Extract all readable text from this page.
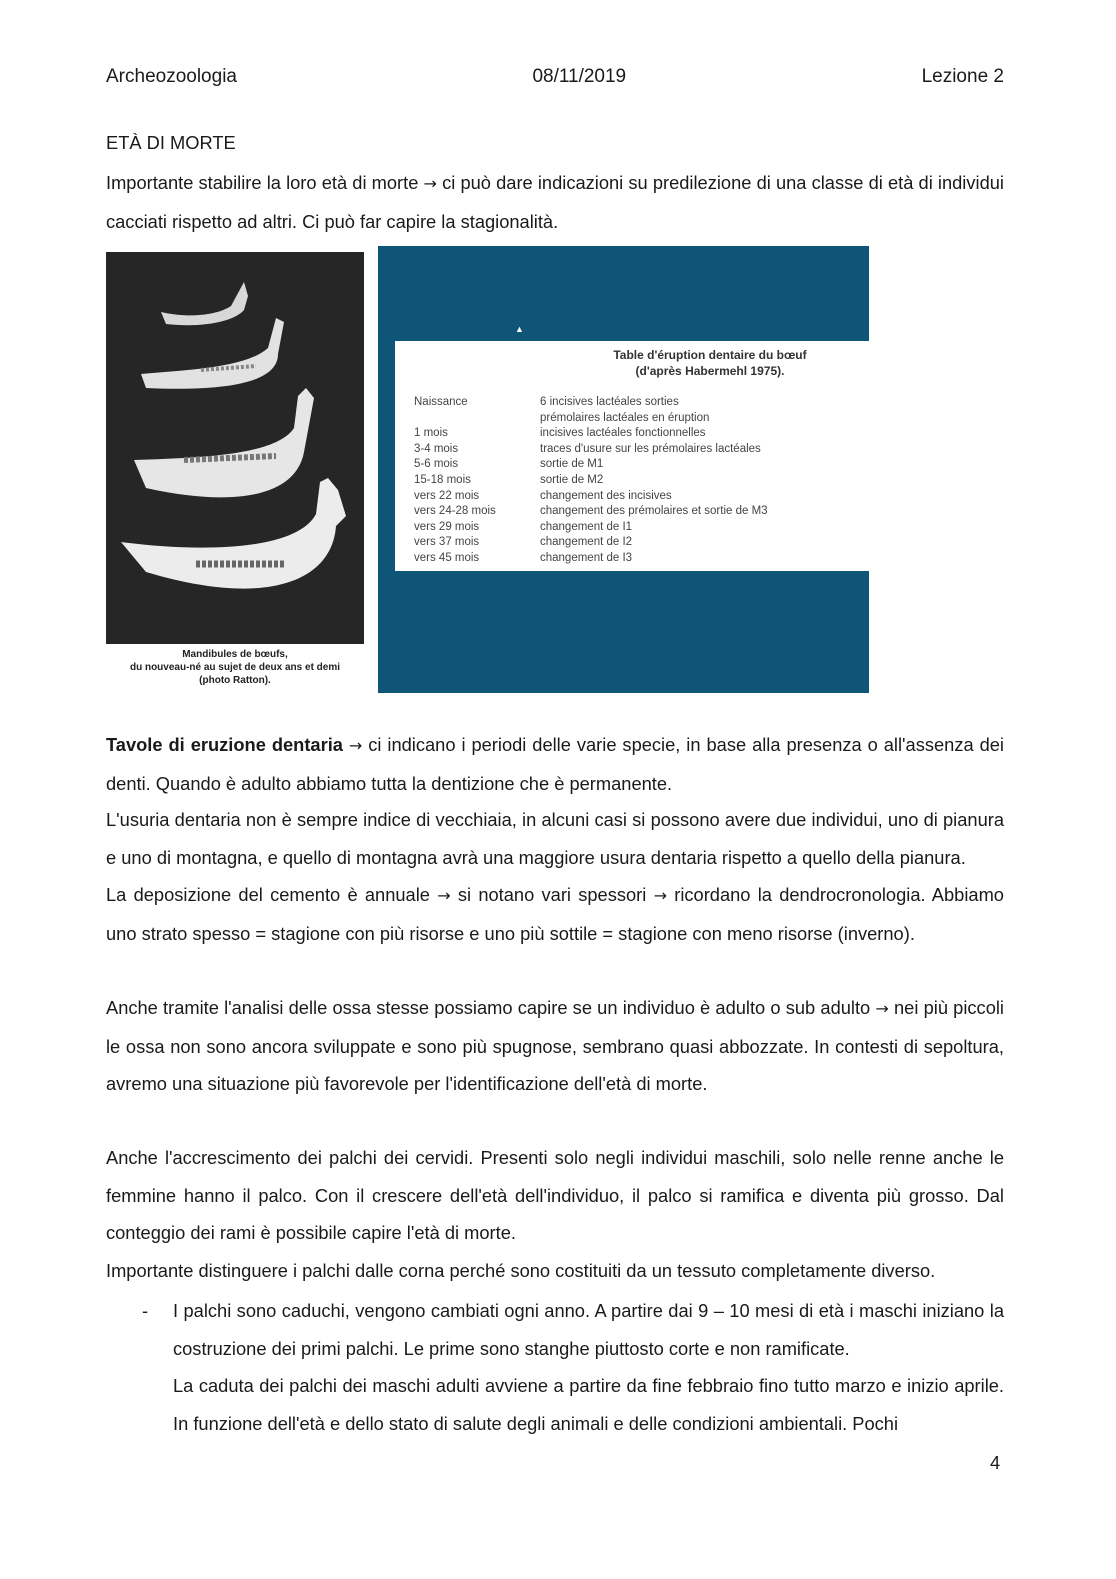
Archeozoologia	08/11/2019	Lezione 2
ETÀ DI MORTE

Importante stabilire la loro età di morte → ci può dare indicazioni su predilezione di una classe di età di individui cacciati rispetto ad altri. Ci può far capire la stagionalità.

Mandibules de bœufs,
du nouveau-né au sujet de deux ans et demi
(photo Ratton).
▲
Table d'éruption dentaire du bœuf
(d'après Habermehl 1975).
Naissance	6 incisives lactéales sorties
prémolaires lactéales en éruption
1 mois	incisives lactéales fonctionnelles
3-4 mois	traces d'usure sur les prémolaires lactéales
5-6 mois	sortie de M1
15-18 mois	sortie de M2
vers 22 mois	changement des incisives
vers 24-28 mois	changement des prémolaires et sortie de M3
vers 29 mois	changement de I1
vers 37 mois	changement de I2
vers 45 mois	changement de I3

Tavole di eruzione dentaria → ci indicano i periodi delle varie specie, in base alla presenza o all'assenza dei denti. Quando è adulto abbiamo tutta la dentizione che è permanente.

L'usuria dentaria non è sempre indice di vecchiaia, in alcuni casi si possono avere due individui, uno di pianura e uno di montagna, e quello di montagna avrà una maggiore usura dentaria rispetto a quello della pianura.

La deposizione del cemento è annuale → si notano vari spessori → ricordano la dendrocronologia. Abbiamo uno strato spesso = stagione con più risorse e uno più sottile = stagione con meno risorse (inverno).

Anche tramite l'analisi delle ossa stesse possiamo capire se un individuo è adulto o sub adulto → nei più piccoli le ossa non sono ancora sviluppate e sono più spugnose, sembrano quasi abbozzate. In contesti di sepoltura, avremo una situazione più favorevole per l'identificazione dell'età di morte.

Anche l'accrescimento dei palchi dei cervidi. Presenti solo negli individui maschili, solo nelle renne anche le femmine hanno il palco. Con il crescere dell'età dell'individuo, il palco si ramifica e diventa più grosso. Dal conteggio dei rami è possibile capire l'età di morte.

Importante distinguere i palchi dalle corna perché sono costituiti da un tessuto completamente diverso.

- I palchi sono caduchi, vengono cambiati ogni anno. A partire dai 9 – 10 mesi di età i maschi iniziano la costruzione dei primi palchi. Le prime sono stanghe piuttosto corte e non ramificate.
La caduta dei palchi dei maschi adulti avviene a partire da fine febbraio fino tutto marzo e inizio aprile. In funzione dell'età e dello stato di salute degli animali e delle condizioni ambientali. Pochi
4
